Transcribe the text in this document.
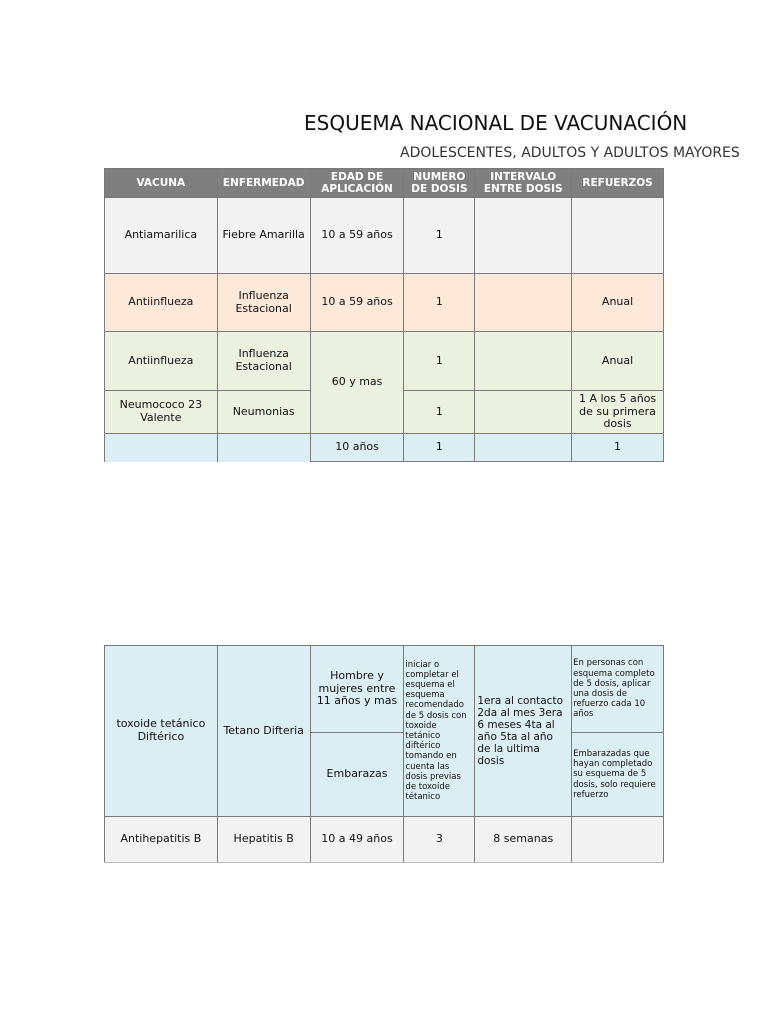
ESQUEMA NACIONAL DE VACUNACIÓN
ADOLESCENTES, ADULTOS Y ADULTOS MAYORES
VACUNA	ENFERMEDAD	EDAD DE APLICACIÓN	NUMERO DE DOSIS	INTERVALO ENTRE DOSIS	REFUERZOS
Antiamarilica	Fiebre Amarilla	10 a 59 años	1		
Antiinflueza	Influenza Estacional	10 a 59 años	1		Anual
Antiinflueza	Influenza Estacional	60 y mas	1		Anual
Neumococo 23 Valente	Neumonias		1		1 A los 5 años de su primera dosis
		10 años	1		1
toxoide tetánico Diftérico	Tetano Difteria	Hombre y mujeres entre 11 años y mas	iniciar o completar el esquema el esquema recomendado de 5 dosis con toxoide tetánico diftérico tomando en cuenta las dosis previas de toxoide tétanico	1era al contacto 2da al mes 3era 6 meses 4ta al año 5ta al año de la ultima dosis	En personas con esquema completo de 5 dosis, aplicar una dosis de refuerzo cada 10 años
		Embarazas			Embarazadas que hayan completado su esquema de 5 dosis, solo requiere refuerzo
Antihepatitis B	Hepatitis B	10 a 49 años	3	8 semanas	
